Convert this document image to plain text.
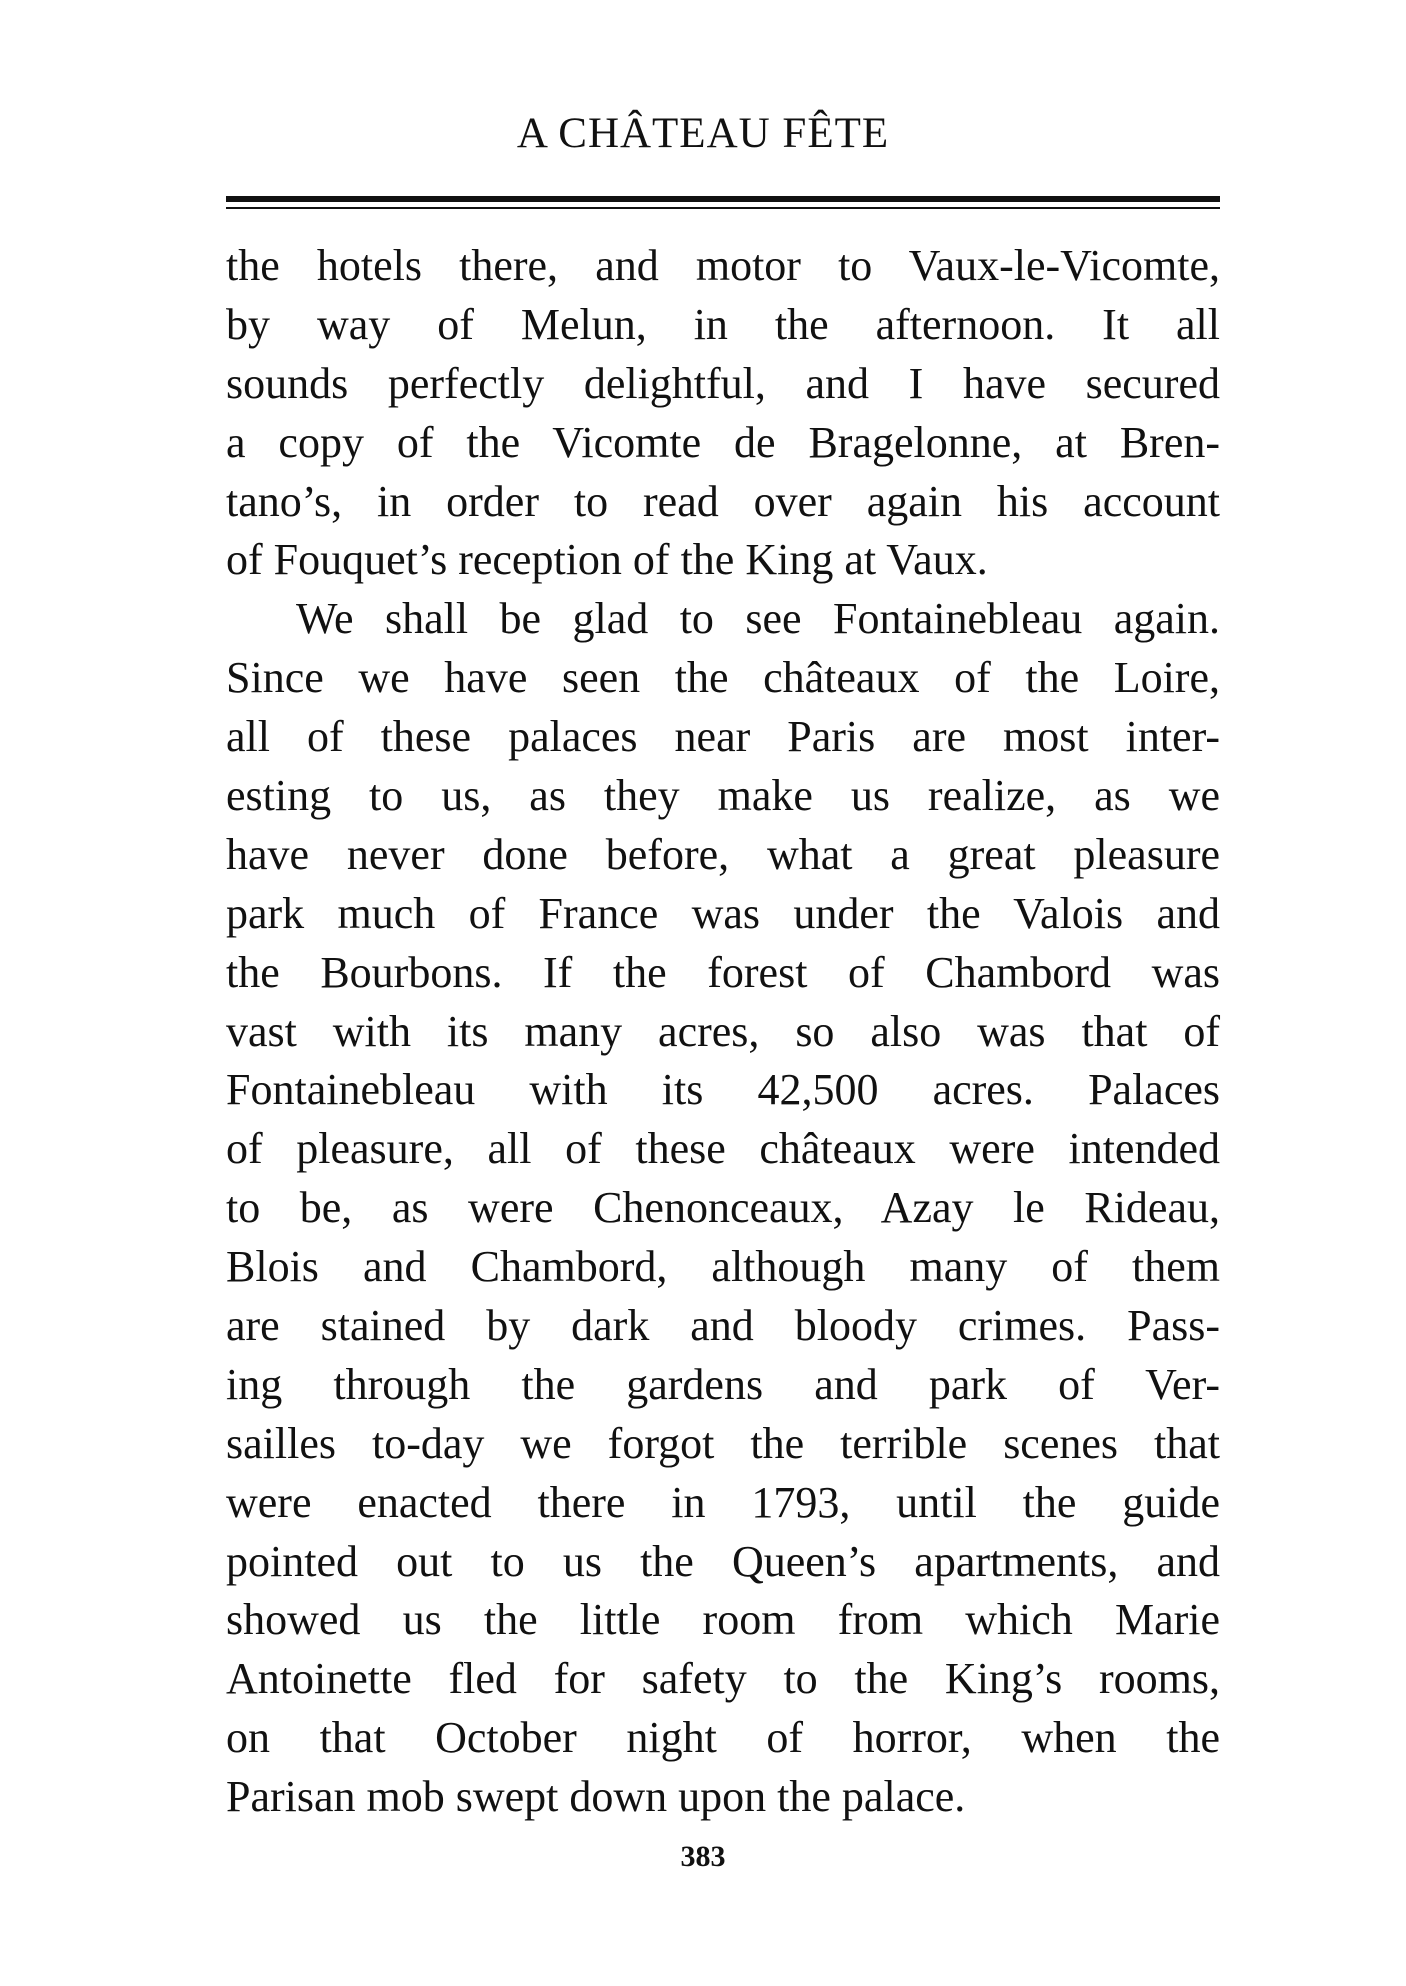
A CHÂTEAU FÊTE
the hotels there, and motor to Vaux-le-Vicomte,
by way of Melun, in the afternoon. It all
sounds perfectly delightful, and I have secured
a copy of the Vicomte de Bragelonne, at Bren-
tano’s, in order to read over again his account
of Fouquet’s reception of the King at Vaux.
We shall be glad to see Fontainebleau again.
Since we have seen the châteaux of the Loire,
all of these palaces near Paris are most inter-
esting to us, as they make us realize, as we
have never done before, what a great pleasure
park much of France was under the Valois and
the Bourbons. If the forest of Chambord was
vast with its many acres, so also was that of
Fontainebleau with its 42,500 acres. Palaces
of pleasure, all of these châteaux were intended
to be, as were Chenonceaux, Azay le Rideau,
Blois and Chambord, although many of them
are stained by dark and bloody crimes. Pass-
ing through the gardens and park of Ver-
sailles to-day we forgot the terrible scenes that
were enacted there in 1793, until the guide
pointed out to us the Queen’s apartments, and
showed us the little room from which Marie
Antoinette fled for safety to the King’s rooms,
on that October night of horror, when the
Parisan mob swept down upon the palace.
383
